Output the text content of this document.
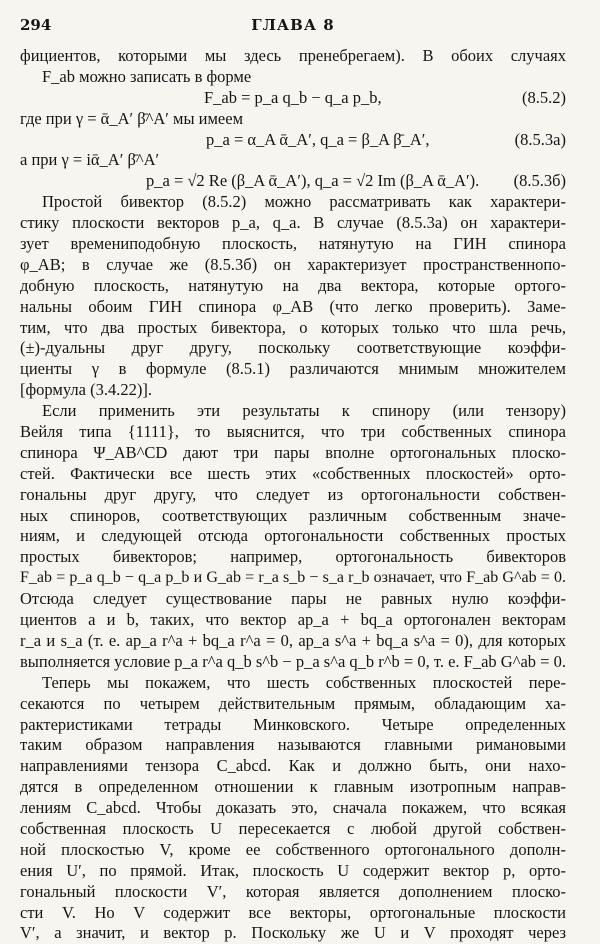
294	ГЛАВА 8
фициентов, которыми мы здесь пренебрегаем). В обоих случаях
F_ab можно записать в форме
F_ab = p_a q_b − q_a p_b,	(8.5.2)
где при γ = ᾱ_A′ β̄^A′ мы имеем
p_a = α_A ᾱ_A′, q_a = β_A β̄_A′,	(8.5.3а)
а при γ = iᾱ_A′ β̄^A′
p_a = √2 Re (β_A ᾱ_A′), q_a = √2 Im (β_A ᾱ_A′). (8.5.3б)
Простой бивектор (8.5.2) можно рассматривать как характери-
стику плоскости векторов p_a, q_a. В случае (8.5.3а) он характери-
зует времениподобную плоскость, натянутую на ГИН спинора
φ_AB; в случае же (8.5.3б) он характеризует пространственнопо-
добную плоскость, натянутую на два вектора, которые ортого-
нальны обоим ГИН спинора φ_AB (что легко проверить). Заме-
тим, что два простых бивектора, о которых только что шла речь,
(±)-дуальны друг другу, поскольку соответствующие коэффи-
циенты γ в формуле (8.5.1) различаются мнимым множителем
[формула (3.4.22)].
Если применить эти результаты к спинору (или тензору)
Вейля типа {1111}, то выяснится, что три собственных спинора
спинора Ψ_AB^CD дают три пары вполне ортогональных плоско-
стей. Фактически все шесть этих «собственных плоскостей» орто-
гональны друг другу, что следует из ортогональности собствен-
ных спиноров, соответствующих различным собственным значе-
ниям, и следующей отсюда ортогональности собственных простых
простых бивекторов; например, ортогональность бивекторов
F_ab = p_a q_b − q_a p_b и G_ab = r_a s_b − s_a r_b означает, что F_ab G^ab = 0.
Отсюда следует существование пары не равных нулю коэффи-
циентов a и b, таких, что вектор ap_a + bq_a ортогонален векторам
r_a и s_a (т. е. ap_a r^a + bq_a r^a = 0, ap_a s^a + bq_a s^a = 0), для которых
выполняется условие p_a r^a q_b s^b − p_a s^a q_b r^b = 0, т. е. F_ab G^ab = 0.
Теперь мы покажем, что шесть собственных плоскостей пере-
секаются по четырем действительным прямым, обладающим ха-
рактеристиками тетрады Минковского. Четыре определенных
таким образом направления называются главными римановыми
направлениями тензора C_abcd. Как и должно быть, они нахо-
дятся в определенном отношении к главным изотропным направ-
лениям C_abcd. Чтобы доказать это, сначала покажем, что всякая
собственная плоскость U пересекается с любой другой собствен-
ной плоскостью V, кроме ее собственного ортогонального дополн-
ения U′, по прямой. Итак, плоскость U содержит вектор p, орто-
гональный плоскости V′, которая является дополнением плоско-
сти V. Но V содержит все векторы, ортогональные плоскости
V′, а значит, и вектор p. Поскольку же U и V проходят через
